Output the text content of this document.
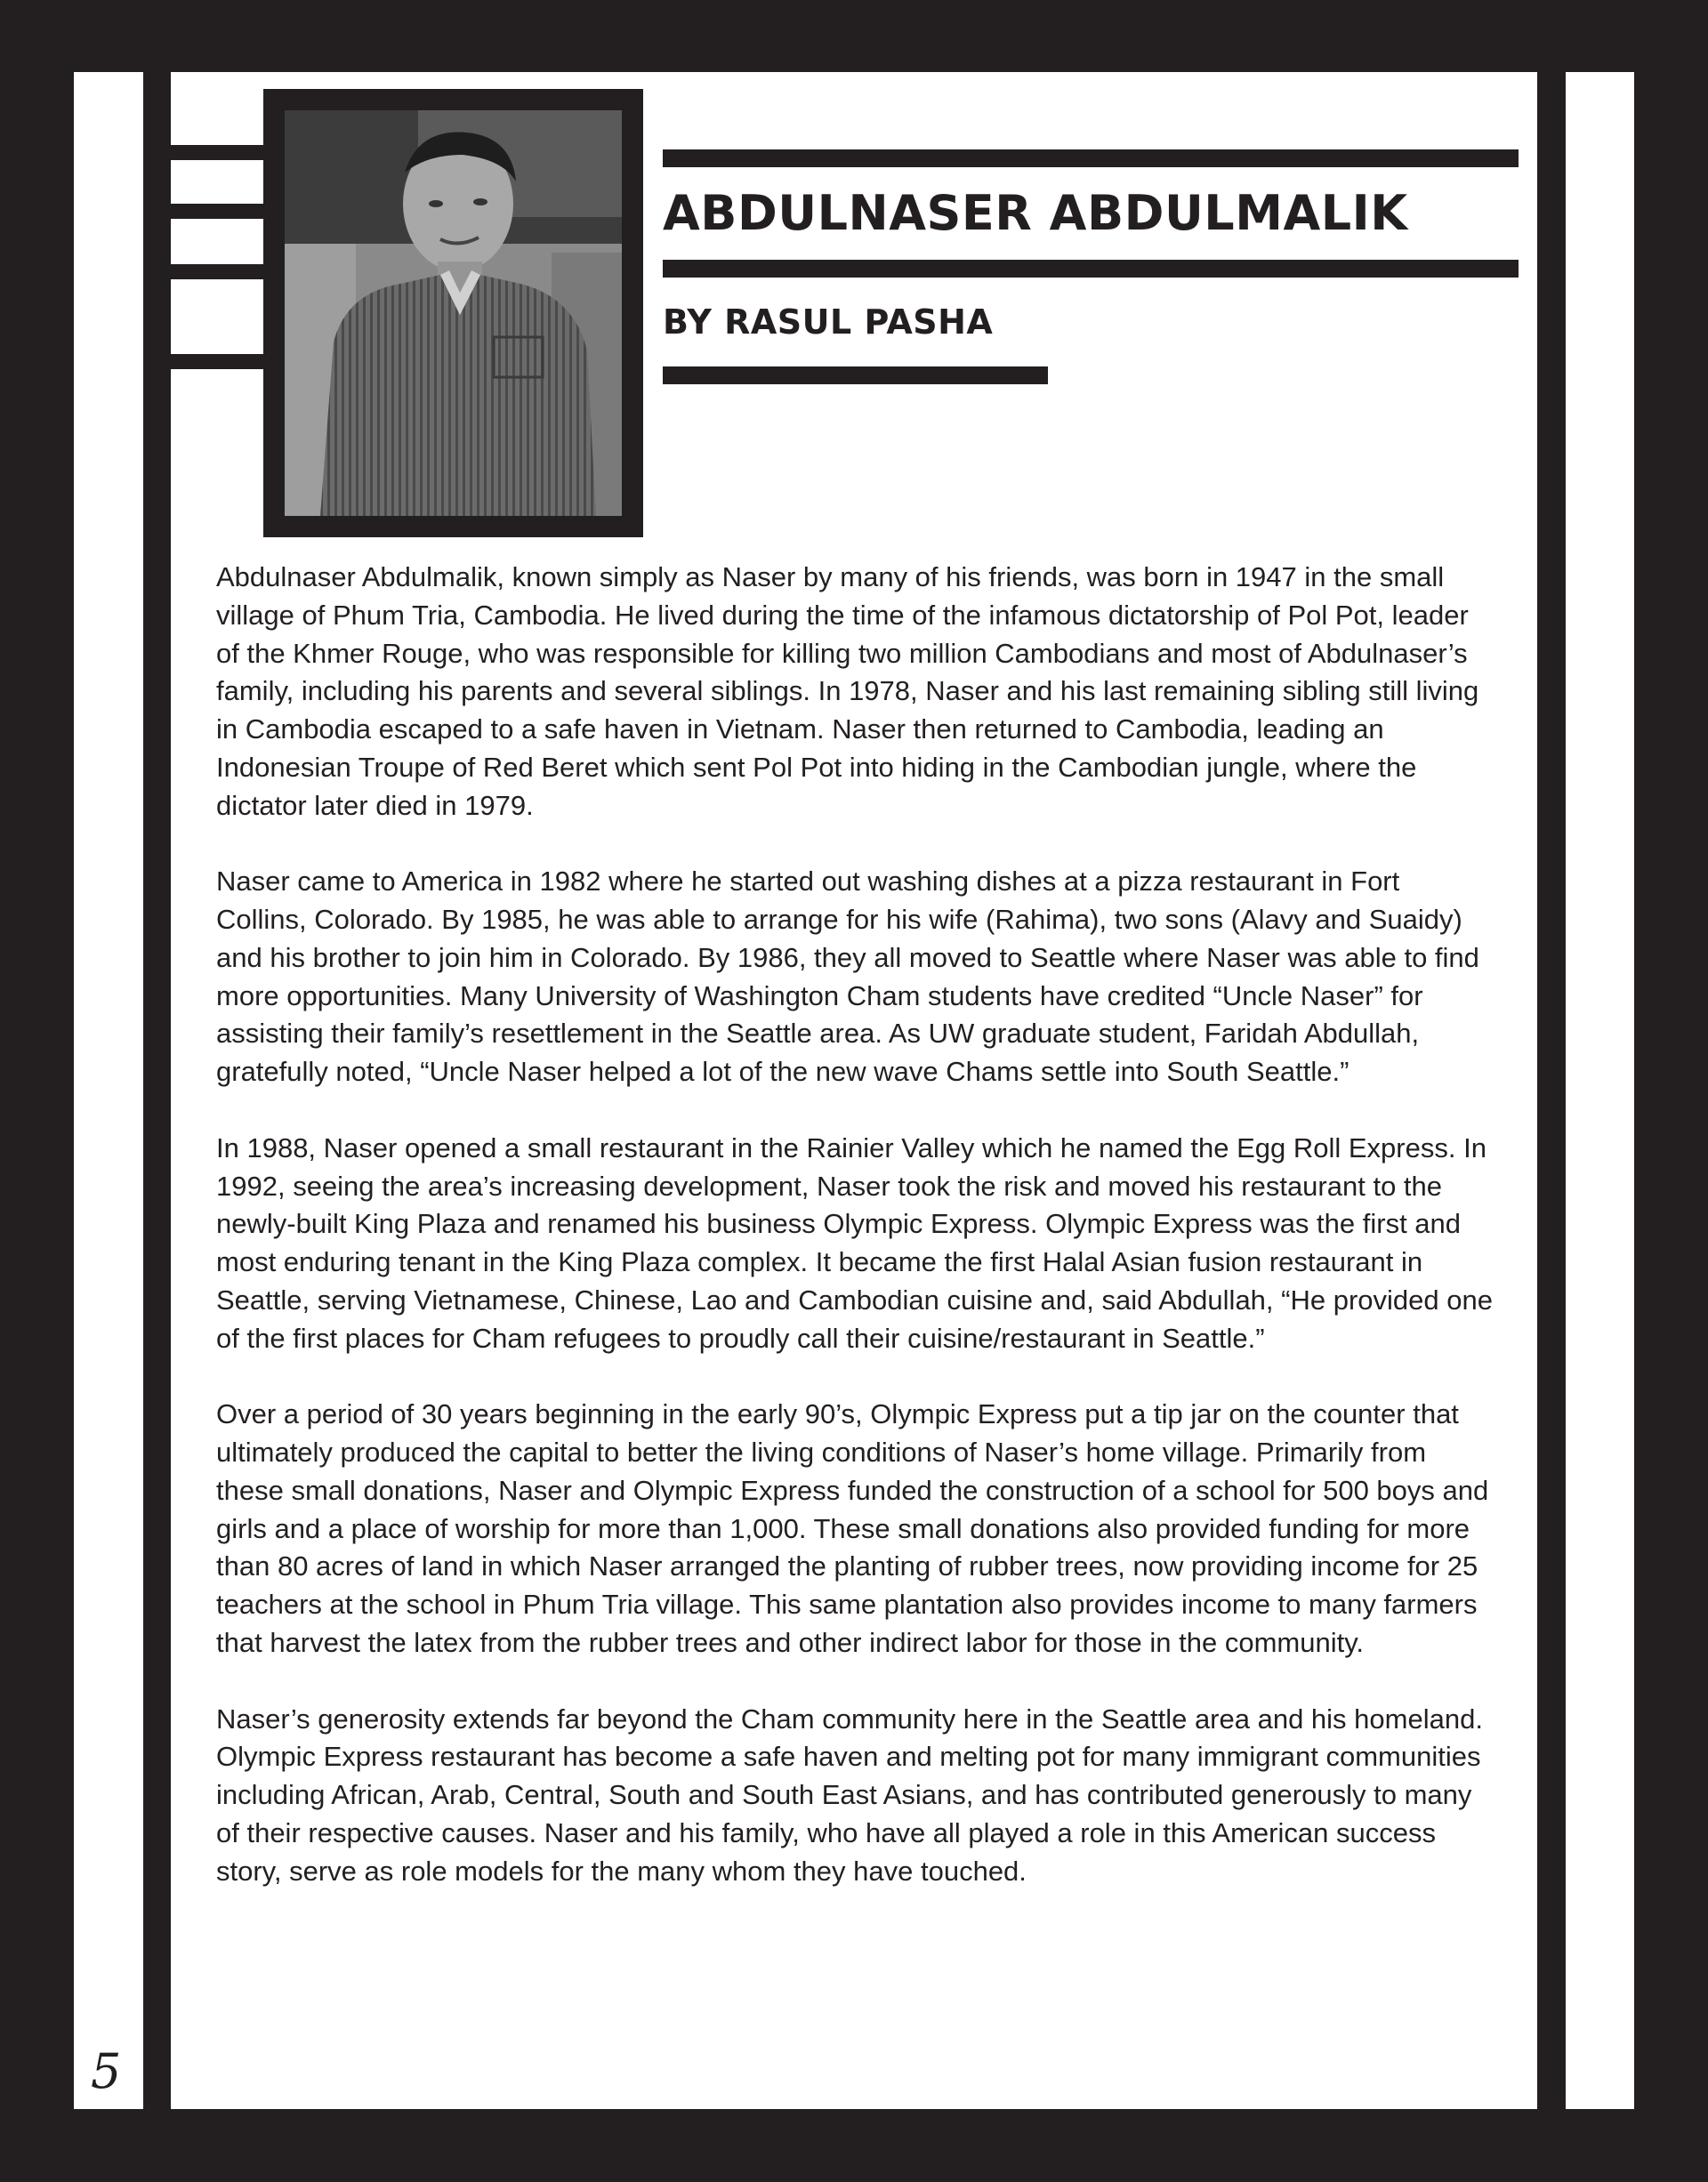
ABDULNASER ABDULMALIK
BY RASUL PASHA

Abdulnaser Abdulmalik, known simply as Naser by many of his friends, was born in 1947 in the small village of Phum Tria, Cambodia. He lived during the time of the infamous dictatorship of Pol Pot, leader of the Khmer Rouge, who was responsible for killing two million Cambodians and most of Abdulnaser’s family, including his parents and several siblings. In 1978, Naser and his last remaining sibling still living in Cambodia escaped to a safe haven in Vietnam. Naser then returned to Cambodia, leading an Indonesian Troupe of Red Beret which sent Pol Pot into hiding in the Cambodian jungle, where the dictator later died in 1979.

Naser came to America in 1982 where he started out washing dishes at a pizza restaurant in Fort Collins, Colorado. By 1985, he was able to arrange for his wife (Rahima), two sons (Alavy and Suaidy) and his brother to join him in Colorado. By 1986, they all moved to Seattle where Naser was able to find more opportunities. Many University of Washington Cham students have credited “Uncle Naser” for assisting their family’s resettlement in the Seattle area. As UW graduate student, Faridah Abdullah, gratefully noted, “Uncle Naser helped a lot of the new wave Chams settle into South Seattle.”

In 1988, Naser opened a small restaurant in the Rainier Valley which he named the Egg Roll Express. In 1992, seeing the area’s increasing development, Naser took the risk and moved his restaurant to the newly-built King Plaza and renamed his business Olympic Express. Olympic Express was the first and most enduring tenant in the King Plaza complex. It became the first Halal Asian fusion restaurant in Seattle, serving Vietnamese, Chinese, Lao and Cambodian cuisine and, said Abdullah, “He provided one of the first places for Cham refugees to proudly call their cuisine/restaurant in Seattle.”

Over a period of 30 years beginning in the early 90’s, Olympic Express put a tip jar on the counter that ultimately produced the capital to better the living conditions of Naser’s home village. Primarily from these small donations, Naser and Olympic Express funded the construction of a school for 500 boys and girls and a place of worship for more than 1,000. These small donations also provided funding for more than 80 acres of land in which Naser arranged the planting of rubber trees, now providing income for 25 teachers at the school in Phum Tria village. This same plantation also provides income to many farmers that harvest the latex from the rubber trees and other indirect labor for those in the community.

Naser’s generosity extends far beyond the Cham community here in the Seattle area and his homeland. Olympic Express restaurant has become a safe haven and melting pot for many immigrant communities including African, Arab, Central, South and South East Asians, and has contributed generously to many of their respective causes. Naser and his family, who have all played a role in this American success story, serve as role models for the many whom they have touched.

5
